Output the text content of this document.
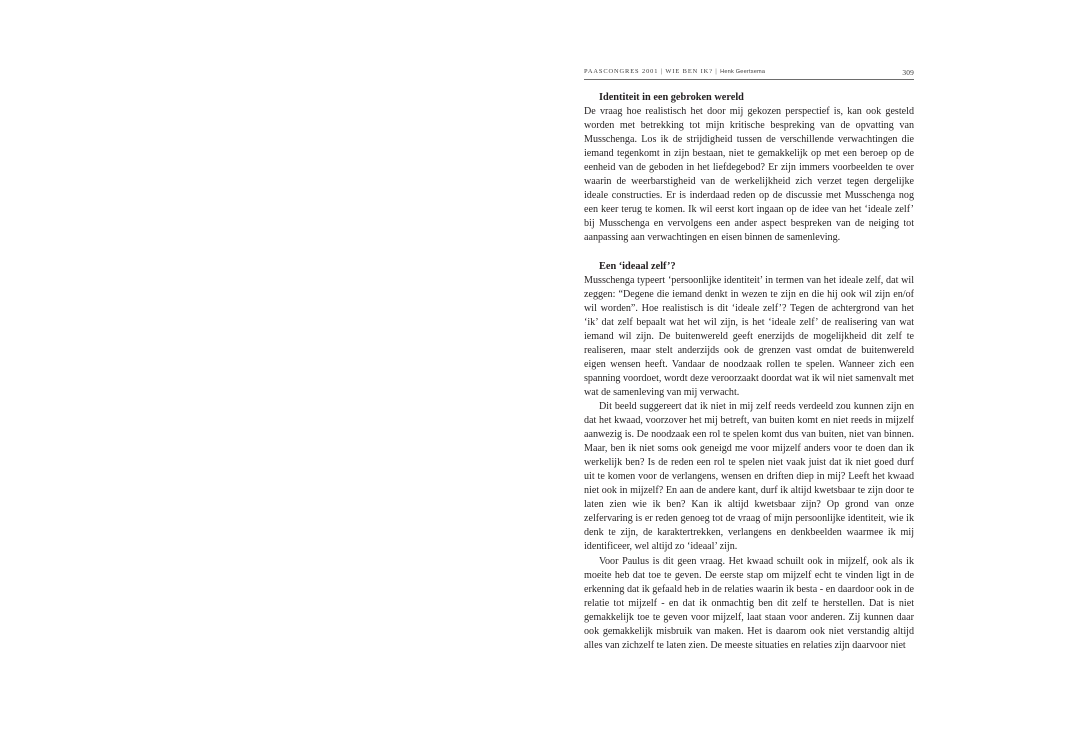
PAASCONGRES 2001 | WIE BEN IK? | Henk Geertsema	309
Identiteit in een gebroken wereld

De vraag hoe realistisch het door mij gekozen perspectief is, kan ook gesteld worden met betrekking tot mijn kritische bespreking van de opvatting van Musschenga. Los ik de strijdigheid tussen de verschillende verwachtingen die iemand tegenkomt in zijn bestaan, niet te gemakkelijk op met een beroep op de eenheid van de geboden in het liefdegebod? Er zijn immers voorbeelden te over waarin de weerbarstigheid van de werkelijkheid zich verzet tegen dergelijke ideale constructies. Er is inderdaad reden op de discussie met Musschenga nog een keer terug te komen. Ik wil eerst kort ingaan op de idee van het ‘ideale zelf’ bij Musschenga en vervolgens een ander aspect bespreken van de neiging tot aanpassing aan verwachtingen en eisen binnen de samenleving.

Een ‘ideaal zelf’?

Musschenga typeert ‘persoonlijke identiteit’ in termen van het ideale zelf, dat wil zeggen: “Degene die iemand denkt in wezen te zijn en die hij ook wil zijn en/of wil worden”. Hoe realistisch is dit ‘ideale zelf’? Tegen de achtergrond van het ‘ik’ dat zelf bepaalt wat het wil zijn, is het ‘ideale zelf’ de realisering van wat iemand wil zijn. De buitenwereld geeft enerzijds de mogelijkheid dit zelf te realiseren, maar stelt anderzijds ook de grenzen vast omdat de buitenwereld eigen wensen heeft. Vandaar de noodzaak rollen te spelen. Wanneer zich een spanning voordoet, wordt deze veroorzaakt doordat wat ik wil niet samenvalt met wat de samenleving van mij verwacht.

Dit beeld suggereert dat ik niet in mij zelf reeds verdeeld zou kunnen zijn en dat het kwaad, voorzover het mij betreft, van buiten komt en niet reeds in mijzelf aanwezig is. De noodzaak een rol te spelen komt dus van buiten, niet van binnen. Maar, ben ik niet soms ook geneigd me voor mijzelf anders voor te doen dan ik werkelijk ben? Is de reden een rol te spelen niet vaak juist dat ik niet goed durf uit te komen voor de verlangens, wensen en driften diep in mij? Leeft het kwaad niet ook in mijzelf? En aan de andere kant, durf ik altijd kwetsbaar te zijn door te laten zien wie ik ben? Kan ik altijd kwetsbaar zijn? Op grond van onze zelfervaring is er reden genoeg tot de vraag of mijn persoonlijke identiteit, wie ik denk te zijn, de karaktertrekken, verlangens en denkbeelden waarmee ik mij identificeer, wel altijd zo ‘ideaal’ zijn.

Voor Paulus is dit geen vraag. Het kwaad schuilt ook in mijzelf, ook als ik moeite heb dat toe te geven. De eerste stap om mijzelf echt te vinden ligt in de erkenning dat ik gefaald heb in de relaties waarin ik besta - en daardoor ook in de relatie tot mijzelf - en dat ik onmachtig ben dit zelf te herstellen. Dat is niet gemakkelijk toe te geven voor mijzelf, laat staan voor anderen. Zij kunnen daar ook gemakkelijk misbruik van maken. Het is daarom ook niet verstandig altijd alles van zichzelf te laten zien. De meeste situaties en relaties zijn daarvoor niet
